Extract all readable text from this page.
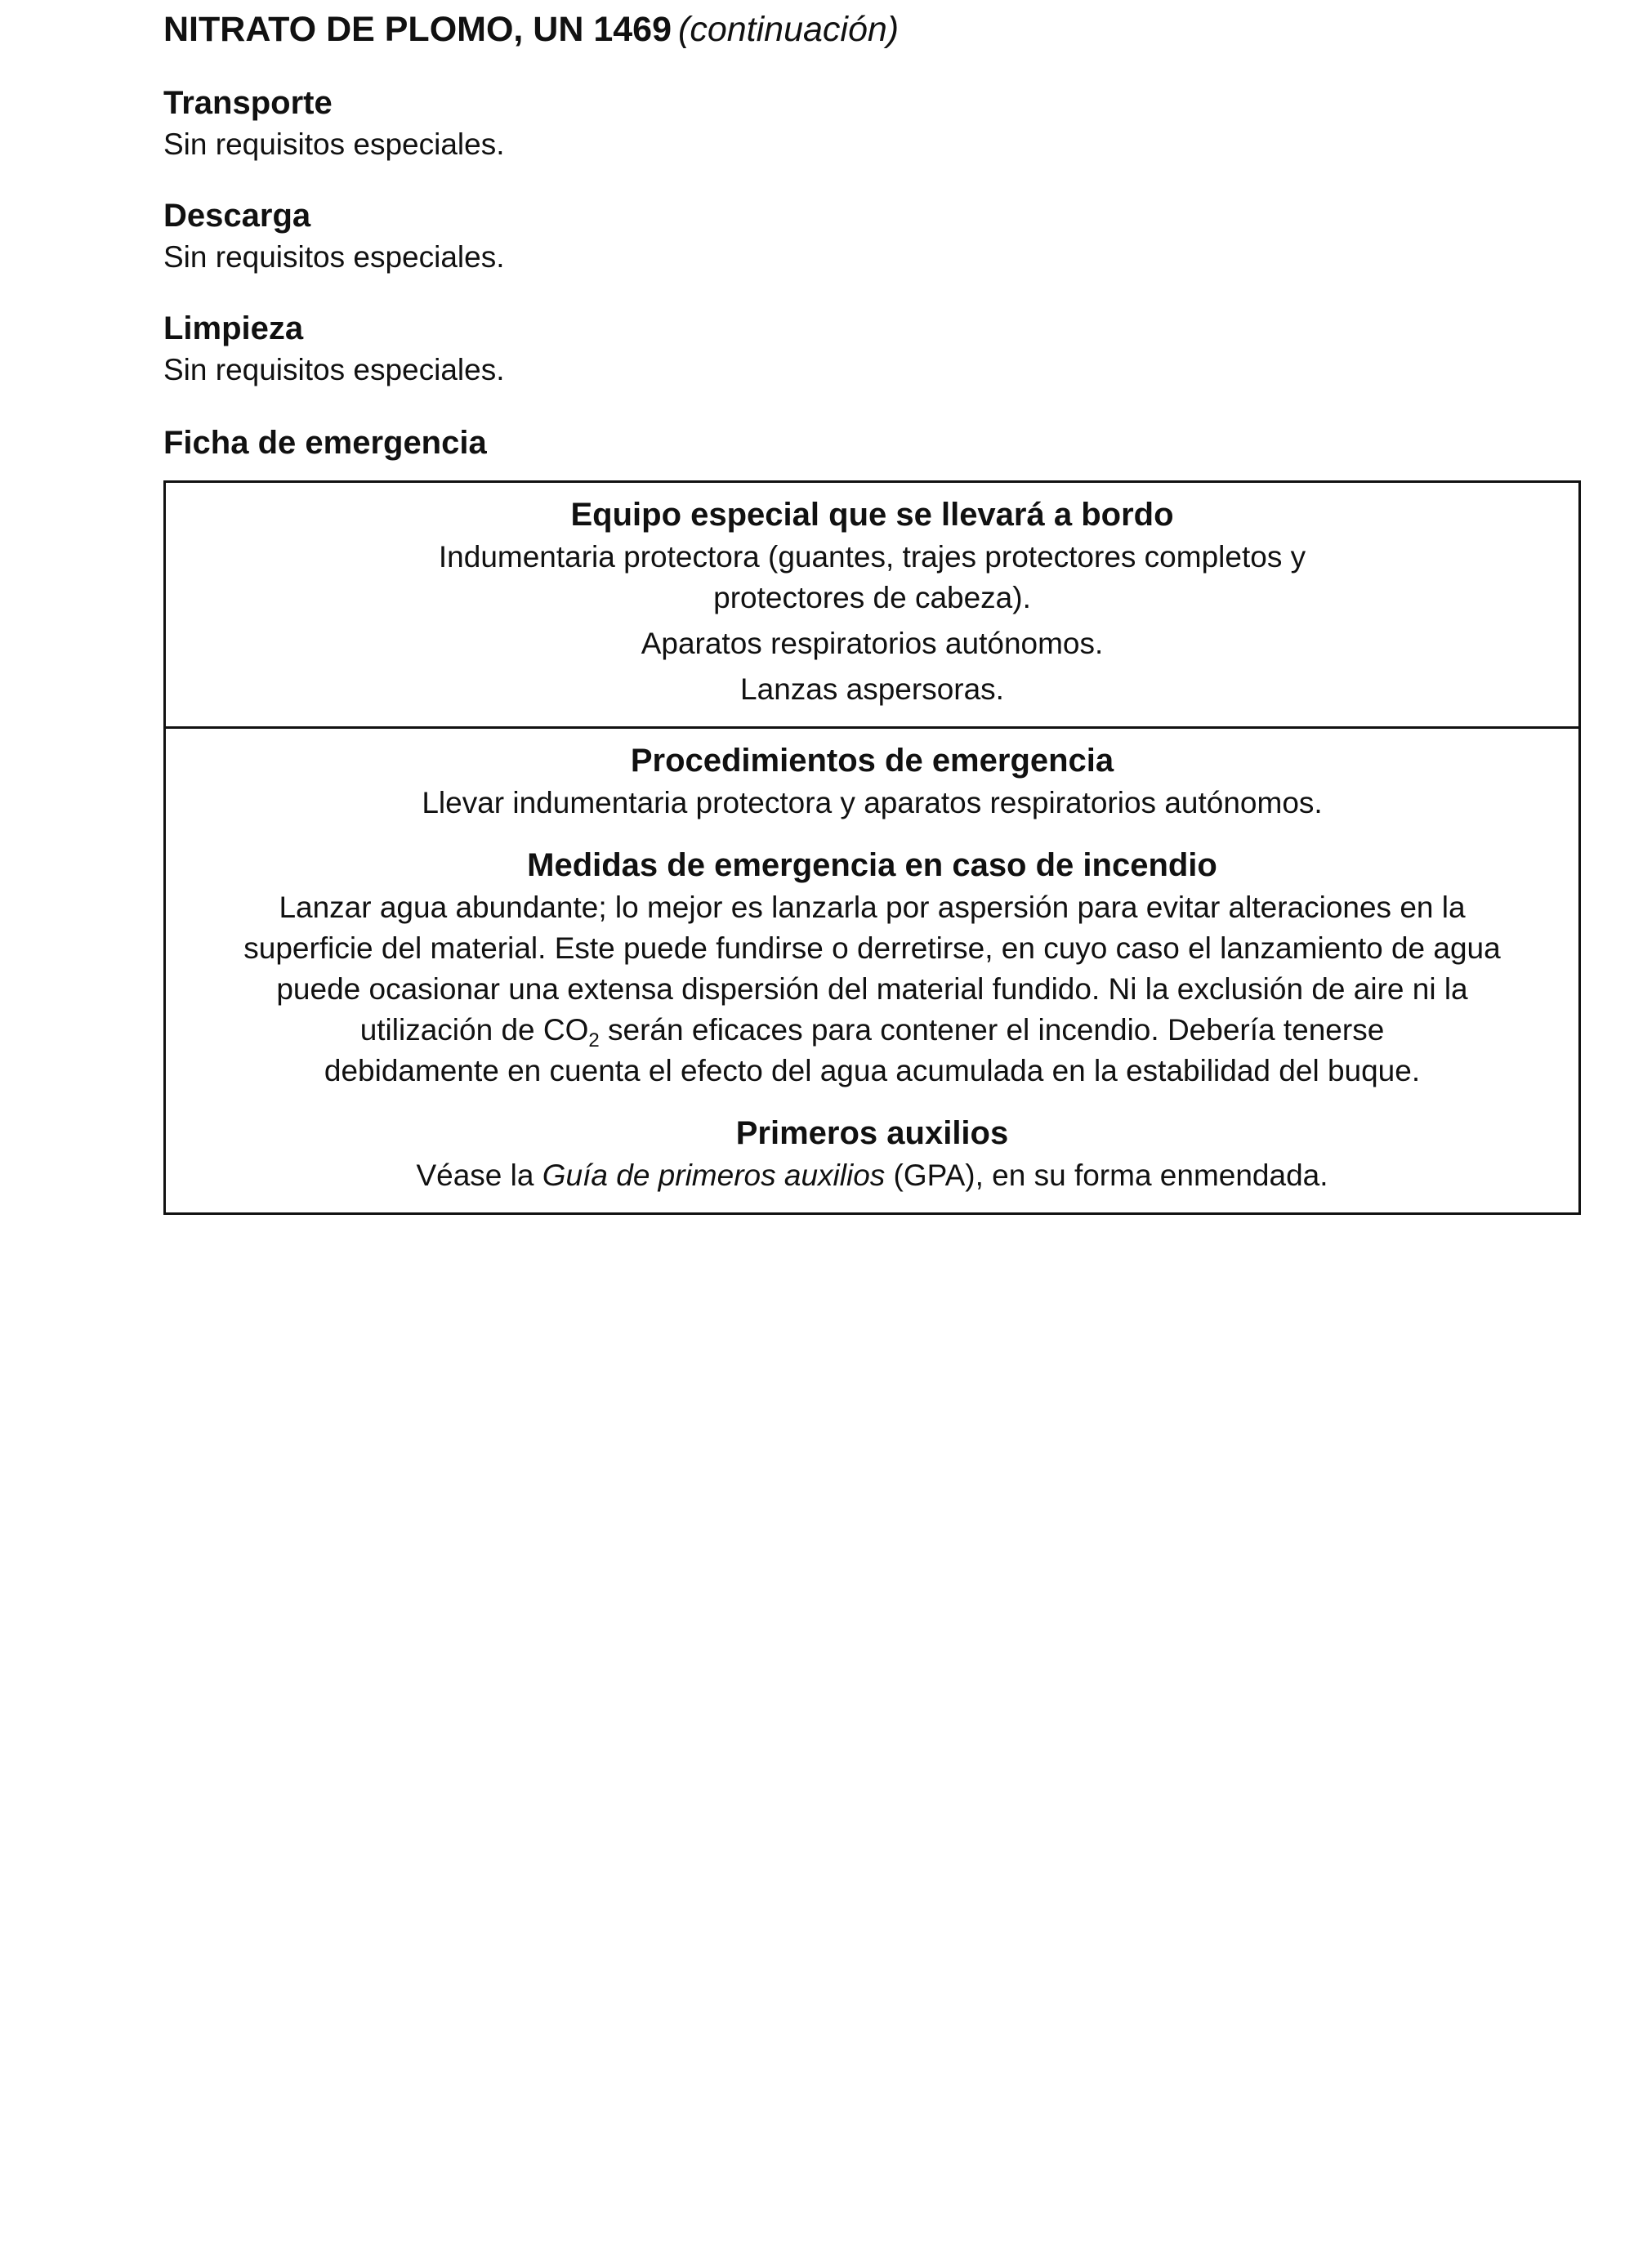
NITRATO DE PLOMO, UN 1469 (continuación)
Transporte

Sin requisitos especiales.

Descarga

Sin requisitos especiales.

Limpieza

Sin requisitos especiales.

Ficha de emergencia
Equipo especial que se llevará a bordo

Indumentaria protectora (guantes, trajes protectores completos y

protectores de cabeza).

Aparatos respiratorios autónomos.

Lanzas aspersoras.

Procedimientos de emergencia

Llevar indumentaria protectora y aparatos respiratorios autónomos.

Medidas de emergencia en caso de incendio

Lanzar agua abundante; lo mejor es lanzarla por aspersión para evitar alteraciones en la
superficie del material. Este puede fundirse o derretirse, en cuyo caso el lanzamiento de agua
puede ocasionar una extensa dispersión del material fundido. Ni la exclusión de aire ni la
utilización de $CO_2$ serán eficaces para contener el incendio. Debería tenerse
debidamente en cuenta el efecto del agua acumulada en la estabilidad del buque.

Primeros auxilios

Véase la Guía de primeros auxilios (GPA), en su forma enmendada.
